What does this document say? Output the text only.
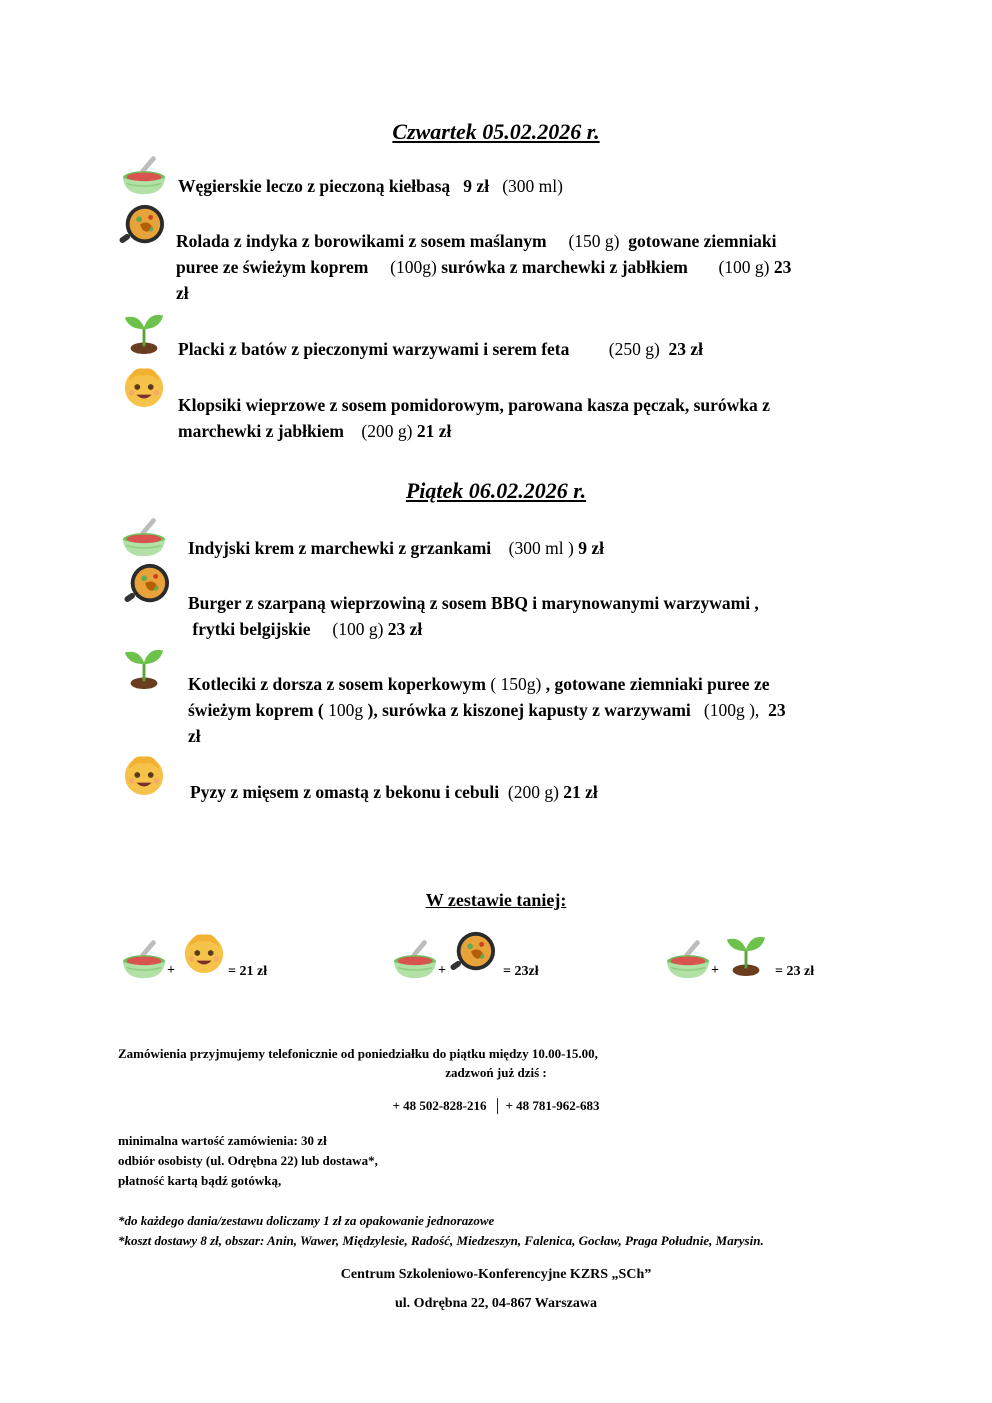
Czwartek 05.02.2026 r.
Węgierskie leczo z pieczoną kiełbasą 9 zł (300 ml)
Rolada z indyka z borowikami z sosem maślanym (150 g) gotowane ziemniaki
puree ze świeżym koprem (100g) surówka z marchewki z jabłkiem (100 g) 23
zł
Placki z batów z pieczonymi warzywami i serem feta (250 g) 23 zł
Klopsiki wieprzowe z sosem pomidorowym, parowana kasza pęczak, surówka z
marchewki z jabłkiem (200 g) 21 zł
Piątek 06.02.2026 r.
Indyjski krem z marchewki z grzankami (300 ml ) 9 zł
Burger z szarpaną wieprzowiną z sosem BBQ i marynowanymi warzywami ,
frytki belgijskie (100 g) 23 zł
Kotleciki z dorsza z sosem koperkowym ( 150g) , gotowane ziemniaki puree ze
świeżym koprem ( 100g ), surówka z kiszonej kapusty z warzywami (100g ), 23
zł
Pyzy z mięsem z omastą z bekonu i cebuli (200 g) 21 zł
W zestawie taniej:
+	= 21 zł	+	= 23zł	+	= 23 zł
Zamówienia przyjmujemy telefonicznie od poniedziałku do piątku między 10.00-15.00,
zadzwoń już dziś :
+ 48 502-828-216 │ + 48 781-962-683
minimalna wartość zamówienia: 30 zł
odbiór osobisty (ul. Odrębna 22) lub dostawa*,
płatność kartą bądź gotówką,
*do każdego dania/zestawu doliczamy 1 zł za opakowanie jednorazowe
*koszt dostawy 8 zł, obszar: Anin, Wawer, Międzylesie, Radość, Miedzeszyn, Falenica, Gocław, Praga Południe, Marysin.
Centrum Szkoleniowo-Konferencyjne KZRS „SCh”
ul. Odrębna 22, 04-867 Warszawa
